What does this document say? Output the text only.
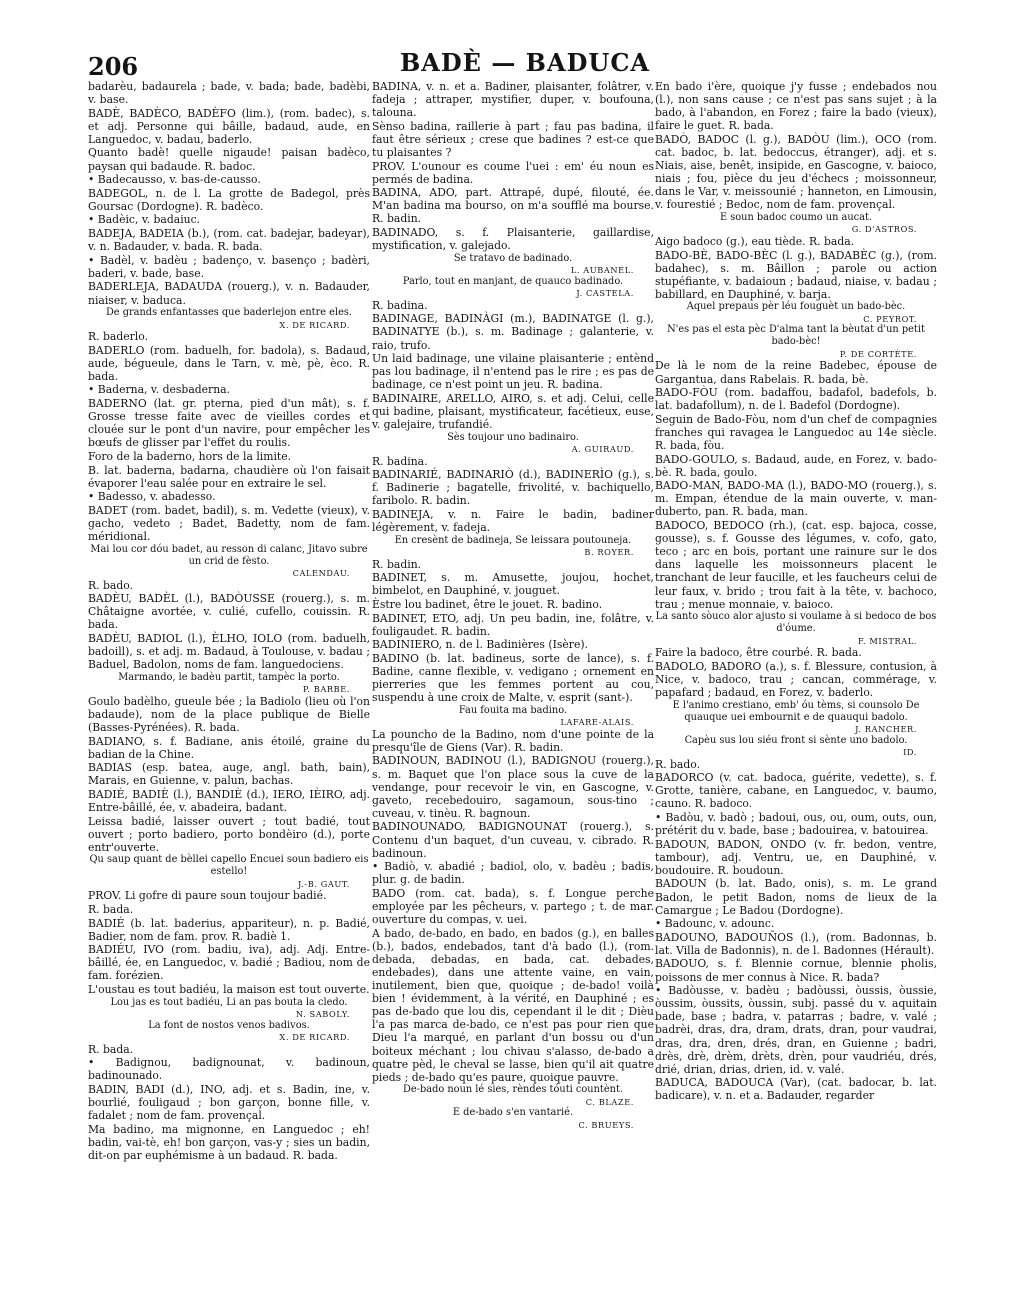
206	BADÈ — BADUCA

badarèu, badaurela ; bade, v. bada; bade, badèbi, v. base.

BADÈ, BADÈCO, BADÈFO (lim.), (rom. badec), s. et adj. Personne qui bâille, badaud, aude, en Languedoc, v. badau, baderlo.

Quanto badè! quelle nigaude! paisan badèco, paysan qui badaude. R. badoc.

• Badecausso, v. bas-de-causso.

BADEGOL, n. de l. La grotte de Badegol, près Goursac (Dordogne). R. badèco.

• Badèic, v. badaiuc.

BADEJA, BADEIA (b.), (rom. cat. badejar, badeyar), v. n. Badauder, v. bada. R. bada.

• Badèl, v. badèu ; badenço, v. basenço ; badèri, baderi, v. bade, base.

BADERLEJA, BADAUDA (rouerg.), v. n. Badauder, niaiser, v. baduca.

De grands enfantasses que baderlejon entre eles.

X. DE RICARD.

R. baderlo.

BADERLO (rom. baduelh, for. badola), s. Badaud, aude, bégueule, dans le Tarn, v. mè, pè, èco. R. bada.

• Baderna, v. desbaderna.

BADERNO (lat. gr. pterna, pied d'un mât), s. f. Grosse tresse faite avec de vieilles cordes et clouée sur le pont d'un navire, pour empêcher les bœufs de glisser par l'effet du roulis.

Foro de la baderno, hors de la limite.

B. lat. baderna, badarna, chaudière où l'on faisait évaporer l'eau salée pour en extraire le sel.

• Badesso, v. abadesso.

BADET (rom. badet, badil), s. m. Vedette (vieux), v. gacho, vedeto ; Badet, Badetty, nom de fam. méridional.

Mai lou cor dóu badet, au resson di calanc, Jitavo subre un crid de fèsto.

CALENDAU.

R. bado.

BADÈU, BADÈL (l.), BADÒUSSE (rouerg.), s. m. Châtaigne avortée, v. culié, cufello, couissin. R. bada.

BADÈU, BADIOL (l.), ÈLHO, IOLO (rom. baduelh, badoill), s. et adj. m. Badaud, à Toulouse, v. badau ; Baduel, Badolon, noms de fam. languedociens.

Marmando, le badèu partit, tampèc la porto.

P. BARBE.

Goulo badèlho, gueule bée ; la Badiolo (lieu où l'on badaude), nom de la place publique de Bielle (Basses-Pyrénées). R. bada.

BADIANO, s. f. Badiane, anis étoilé, graine du badian de la Chine.

BADIAS (esp. batea, auge, angl. bath, bain), Marais, en Guienne, v. palun, bachas.

BADIÉ, BADIÈ (l.), BANDIÈ (d.), IERO, IÈIRO, adj. Entre-bâillé, ée, v. abadeira, badant.

Leissa badié, laisser ouvert ; tout badié, tout ouvert ; porto badiero, porto bondèiro (d.), porte entr'ouverte.

Qu saup quant de bèllei capello Encuei soun badiero eis estello!

J.-B. GAUT.

PROV. Li gofre di paure soun toujour badié.

R. bada.

BADIÉ (b. lat. baderius, appariteur), n. p. Badié, Badier, nom de fam. prov. R. badiè 1.

BADIÉU, IVO (rom. badiu, iva), adj. Adj. Entre-bâillé, ée, en Languedoc, v. badié ; Badiou, nom de fam. forézien.

L'oustau es tout badiéu, la maison est tout ouverte.

Lou jas es tout badiéu, Li an pas bouta la cledo.

N. SABOLY.

La font de nostos venos badivos.

X. DE RICARD.

R. bada.

• Badignou, badignounat, v. badinoun, badinounado.

BADIN, BADI (d.), INO, adj. et s. Badin, ine, v. bourlié, fouligaud ; bon garçon, bonne fille, v. fadalet ; nom de fam. provençal.

Ma badino, ma mignonne, en Languedoc ; eh! badin, vai-tè, eh! bon garçon, vas-y ; sies un badin, dit-on par euphémisme à un badaud. R. bada.

BADINA, v. n. et a. Badiner, plaisanter, folâtrer, v. fadeja ; attraper, mystifier, duper, v. boufouna, talouna.

Sènso badina, raillerie à part ; fau pas badina, il faut être sérieux ; crese que badines ? est-ce que tu plaisantes ?

PROV. L'ounour es coume l'uei : em' éu noun es permés de badina.

BADINA, ADO, part. Attrapé, dupé, filouté, ée. M'an badina ma bourso, on m'a soufflé ma bourse. R. badin.

BADINADO, s. f. Plaisanterie, gaillardise, mystification, v. galejado.

Se tratavo de badinado.

L. AUBANEL.

Parlo, tout en manjant, de quauco badinado.

J. CASTELA.

R. badina.

BADINAGE, BADINÀGI (m.), BADINATGE (l. g.), BADINATYE (b.), s. m. Badinage ; galanterie, v. raio, trufo.

Un laid badinage, une vilaine plaisanterie ; entènd pas lou badinage, il n'entend pas le rire ; es pas de badinage, ce n'est point un jeu. R. badina.

BADINAIRE, ARELLO, AIRO, s. et adj. Celui, celle qui badine, plaisant, mystificateur, facétieux, euse, v. galejaire, trufandié.

Sès toujour uno badinairo.

A. GUIRAUD.

R. badina.

BADINARIÉ, BADINARIÒ (d.), BADINERÌO (g.), s. f. Badinerie ; bagatelle, frivolité, v. bachiquello, faribolo. R. badin.

BADINEJA, v. n. Faire le badin, badiner légèrement, v. fadeja.

En cresènt de badineja, Se leissara poutouneja.

B. ROYER.

R. badin.

BADINET, s. m. Amusette, joujou, hochet, bimbelot, en Dauphiné, v. jouguet.

Èstre lou badinet, être le jouet. R. badino.

BADINET, ETO, adj. Un peu badin, ine, folâtre, v. fouligaudet. R. badin.

BADINIERO, n. de l. Badinières (Isère).

BADINO (b. lat. badineus, sorte de lance), s. f. Badine, canne flexible, v. vedigano ; ornement en pierreries que les femmes portent au cou, suspendu à une croix de Malte, v. esprit (sant-).

Fau fouita ma badino.

LAFARE-ALAIS.

La pouncho de la Badino, nom d'une pointe de la presqu'île de Giens (Var). R. badin.

BADINOUN, BADINOU (l.), BADIGNOU (rouerg.), s. m. Baquet que l'on place sous la cuve de la vendange, pour recevoir le vin, en Gascogne, v. gaveto, recebedouiro, sagamoun, sous-tino ; cuveau, v. tinèu. R. bagnoun.

BADINOUNADO, BADIGNOUNAT (rouerg.), s. Contenu d'un baquet, d'un cuveau, v. cibrado. R. badinoun.

• Badiò, v. abadié ; badiol, olo, v. badèu ; badis, plur. g. de badin.

BADO (rom. cat. bada), s. f. Longue perche employée par les pêcheurs, v. partego ; t. de mar. ouverture du compas, v. uei.

A bado, de-bado, en bado, en bados (g.), en balles (b.), bados, endebados, tant d'à bado (l.), (rom. debada, debadas, en bada, cat. debades, endebades), dans une attente vaine, en vain, inutilement, bien que, quoique ; de-bado! voilà bien ! évidemment, à la vérité, en Dauphiné ; es pas de-bado que lou dis, cependant il le dit ; Dièu l'a pas marca de-bado, ce n'est pas pour rien que Dieu l'a marqué, en parlant d'un bossu ou d'un boiteux méchant ; lou chivau s'alasso, de-bado a quatre pèd, le cheval se lasse, bien qu'il ait quatre pieds ; de-bado qu'es paure, quoique pauvre.

De-bado noun lé sies, rèndes tóuti countènt.

C. BLAZE.

E de-bado s'en vantarié.

C. BRUEYS.

En bado i'ère, quoique j'y fusse ; endebados nou (l.), non sans cause ; ce n'est pas sans sujet ; à la bado, à l'abandon, en Forez ; faire la bado (vieux), faire le guet. R. bada.

BADÒ, BADOC (l. g.), BADÒU (lim.), OCO (rom. cat. badoc, b. lat. bedoccus, étranger), adj. et s. Niais, aise, benêt, insipide, en Gascogne, v. baioco, niais ; fou, pièce du jeu d'échecs ; moissonneur, dans le Var, v. meissounié ; hanneton, en Limousin, v. fourestié ; Bedoc, nom de fam. provençal.

E soun badoc coumo un aucat.

G. D'ASTROS.

Aigo badoco (g.), eau tiède. R. bada.

BADO-BÈ, BADO-BÈC (l. g.), BADABÈC (g.), (rom. badahec), s. m. Bâillon ; parole ou action stupéfiante, v. badaioun ; badaud, niaise, v. badau ; babillard, en Dauphiné, v. barja.

Aquel prepaus pèr léu fouguèt un bado-bèc.

C. PEYROT.

N'es pas el esta pèc D'alma tant la bèutat d'un petit bado-bèc!

P. DE CORTÈTE.

De là le nom de la reine Badebec, épouse de Gargantua, dans Rabelais. R. bada, bè.

BADO-FÒU (rom. badaffou, badafol, badefols, b. lat. badafollum), n. de l. Badefol (Dordogne).

Seguin de Bado-Fòu, nom d'un chef de compagnies franches qui ravagea le Languedoc au 14e siècle. R. bada, fòu.

BADO-GOULO, s. Badaud, aude, en Forez, v. bado-bè. R. bada, goulo.

BADO-MAN, BADO-MA (l.), BADO-MO (rouerg.), s. m. Empan, étendue de la main ouverte, v. man-duberto, pan. R. bada, man.

BADOCO, BEDOCO (rh.), (cat. esp. bajoca, cosse, gousse), s. f. Gousse des légumes, v. cofo, gato, teco ; arc en bois, portant une rainure sur le dos dans laquelle les moissonneurs placent le tranchant de leur faucille, et les faucheurs celui de leur faux, v. brido ; trou fait à la tête, v. bachoco, trau ; menue monnaie, v. baioco.

La santo sòuco alor ajusto si voulame à si bedoco de bos d'óume.

F. MISTRAL.

Faire la badoco, être courbé. R. bada.

BADOLO, BADORO (a.), s. f. Blessure, contusion, à Nice, v. badoco, trau ; cancan, commérage, v. papafard ; badaud, en Forez, v. baderlo.

E l'animo crestiano, emb' óu tèms, si counsolo De quauque uei embournit e de quauqui badolo.

J. RANCHER.

Capèu sus lou siéu front si sènte uno badolo.

ID.

R. bado.

BADORCO (v. cat. badoca, guérite, vedette), s. f. Grotte, tanière, cabane, en Languedoc, v. baumo, cauno. R. badoco.

• Badòu, v. badò ; badoui, ous, ou, oum, outs, oun, prétérit du v. bade, base ; badouirea, v. batouirea.

BADOUN, BADON, ONDO (v. fr. bedon, ventre, tambour), adj. Ventru, ue, en Dauphiné, v. boudouire. R. boudoun.

BADOUN (b. lat. Bado, onis), s. m. Le grand Badon, le petit Badon, noms de lieux de la Camargue ; Le Badou (Dordogne).

• Badounc, v. adounc.

BADOUNO, BADOUÑOS (l.), (rom. Badonnas, b. lat. Villa de Badonnis), n. de l. Badonnes (Hérault).

BADOUO, s. f. Blennie cornue, blennie pholis, poissons de mer connus à Nice. R. bada?

• Badòusse, v. badèu ; badòussi, òussis, òussie, òussim, òussits, òussin, subj. passé du v. aquitain bade, base ; badra, v. patarras ; badre, v. valé ; badrèi, dras, dra, dram, drats, dran, pour vaudrai, dras, dra, dren, drés, dran, en Guienne ; badri, drès, drè, drèm, drèts, drèn, pour vaudriéu, drés, drié, drian, drias, drien, id. v. valé.

BADUCA, BADOUCA (Var), (cat. badocar, b. lat. badicare), v. n. et a. Badauder, regarder
